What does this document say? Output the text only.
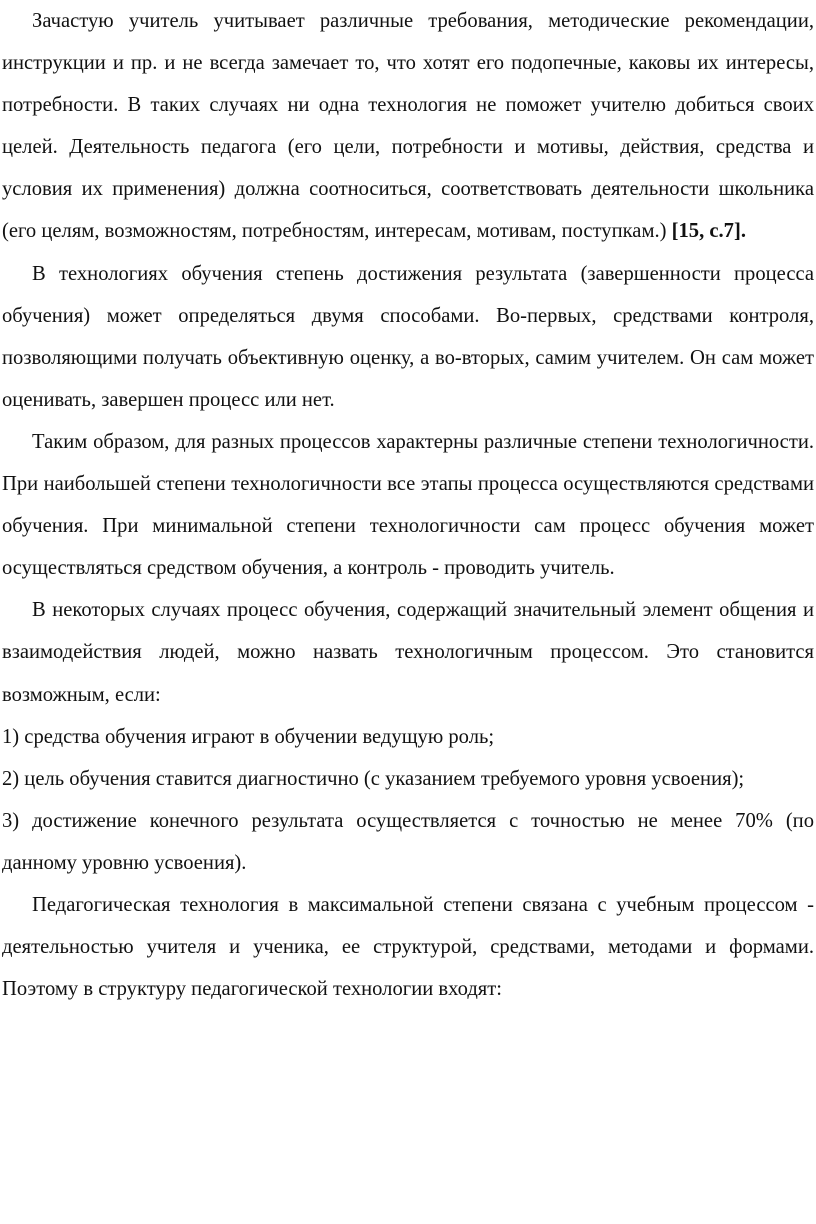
Зачастую учитель учитывает различные требования, методические рекомендации, инструкции и пр. и не всегда замечает то, что хотят его подопечные, каковы их интересы, потребности. В таких случаях ни одна технология не поможет учителю добиться своих целей. Деятельность педагога (его цели, потребности и мотивы, действия, средства и условия их применения) должна соотноситься, соответствовать деятельности школьника (его целям, возможностям, потребностям, интересам, мотивам, поступкам.) [15, с.7].

В технологиях обучения степень достижения результата (завершенности процесса обучения) может определяться двумя способами. Во-первых, средствами контроля, позволяющими получать объективную оценку, а во-вторых, самим учителем. Он сам может оценивать, завершен процесс или нет.

Таким образом, для разных процессов характерны различные степени технологичности. При наибольшей степени технологичности все этапы процесса осуществляются средствами обучения. При минимальной степени технологичности сам процесс обучения может осуществляться средством обучения, а контроль - проводить учитель.

В некоторых случаях процесс обучения, содержащий значительный элемент общения и взаимодействия людей, можно назвать технологичным процессом. Это становится возможным, если:

1) средства обучения играют в обучении ведущую роль;

2) цель обучения ставится диагностично (с указанием требуемого уровня усвоения);

3) достижение конечного результата осуществляется с точностью не менее 70% (по данному уровню усвоения).

Педагогическая технология в максимальной степени связана с учебным процессом - деятельностью учителя и ученика, ее структурой, средствами, методами и формами. Поэтому в структуру педагогической технологии входят:
